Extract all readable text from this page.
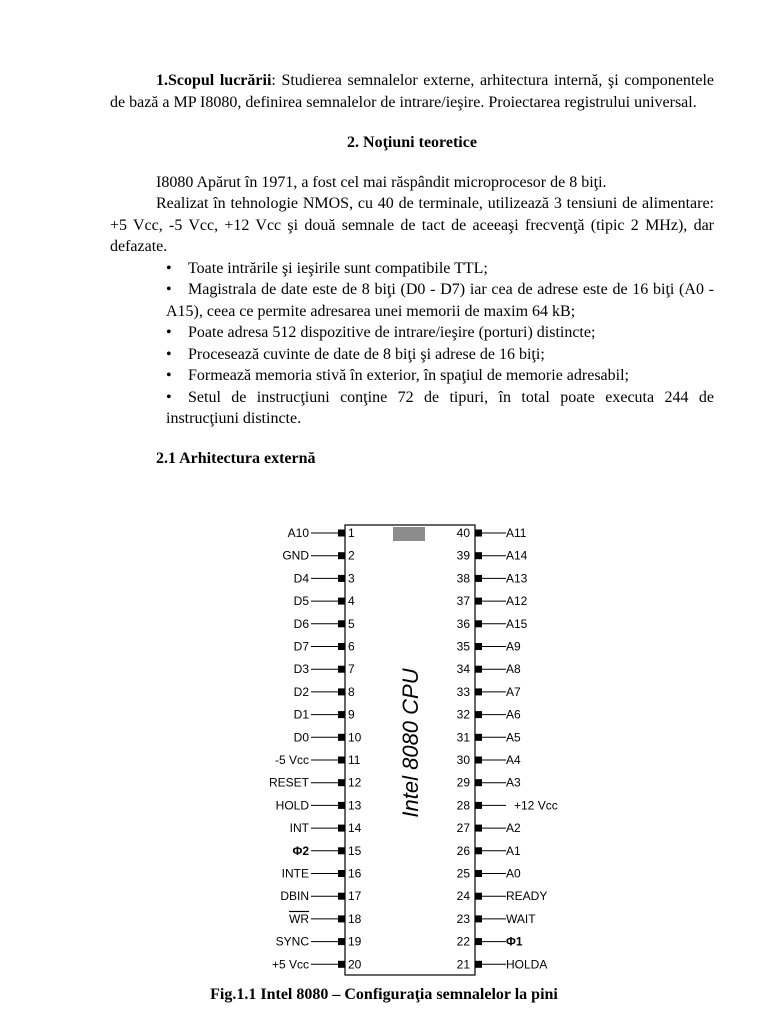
1.Scopul lucrării: Studierea semnalelor externe, arhitectura internă, şi componentele de bază a MP I8080, definirea semnalelor de intrare/ieşire. Proiectarea registrului universal.

2. Noţiuni teoretice

I8080 Apărut în 1971, a fost cel mai răspândit microprocesor de 8 biţi.

Realizat în tehnologie NMOS, cu 40 de terminale, utilizează 3 tensiuni de alimentare: +5 Vcc, -5 Vcc, +12 Vcc şi două semnale de tact de aceeaşi frecvenţă (tipic 2 MHz), dar defazate.

• Toate intrările şi ieşirile sunt compatibile TTL;
• Magistrala de date este de 8 biţi (D0 - D7) iar cea de adrese este de 16 biţi (A0 - A15), ceea ce permite adresarea unei memorii de maxim 64 kB;
• Poate adresa 512 dispozitive de intrare/ieşire (porturi) distincte;
• Procesează cuvinte de date de 8 biţi şi adrese de 16 biţi;
• Formează memoria stivă în exterior, în spaţiul de memorie adresabil;
• Setul de instrucţiuni conţine 72 de tipuri, în total poate executa 244 de instrucţiuni distincte.
2.1 Arhitectura externă
Intel 8080 CPU
A10	1
GND	2
D4	3
D5	4
D6	5
D7	6
D3	7
D2	8
D1	9
D0	10
-5 Vcc	11
RESET	12
HOLD	13
INT	14
Φ2	15
INTE	16
DBIN	17
WR	18
SYNC	19
+5 Vcc	20
40	A11
39	A14
38	A13
37	A12
36	A15
35	A9
34	A8
33	A7
32	A6
31	A5
30	A4
29	A3
28	+12 Vcc
27	A2
26	A1
25	A0
24	READY
23	WAIT
22	Φ1
21	HOLDA
Fig.1.1 Intel 8080 – Configuraţia semnalelor la pini
